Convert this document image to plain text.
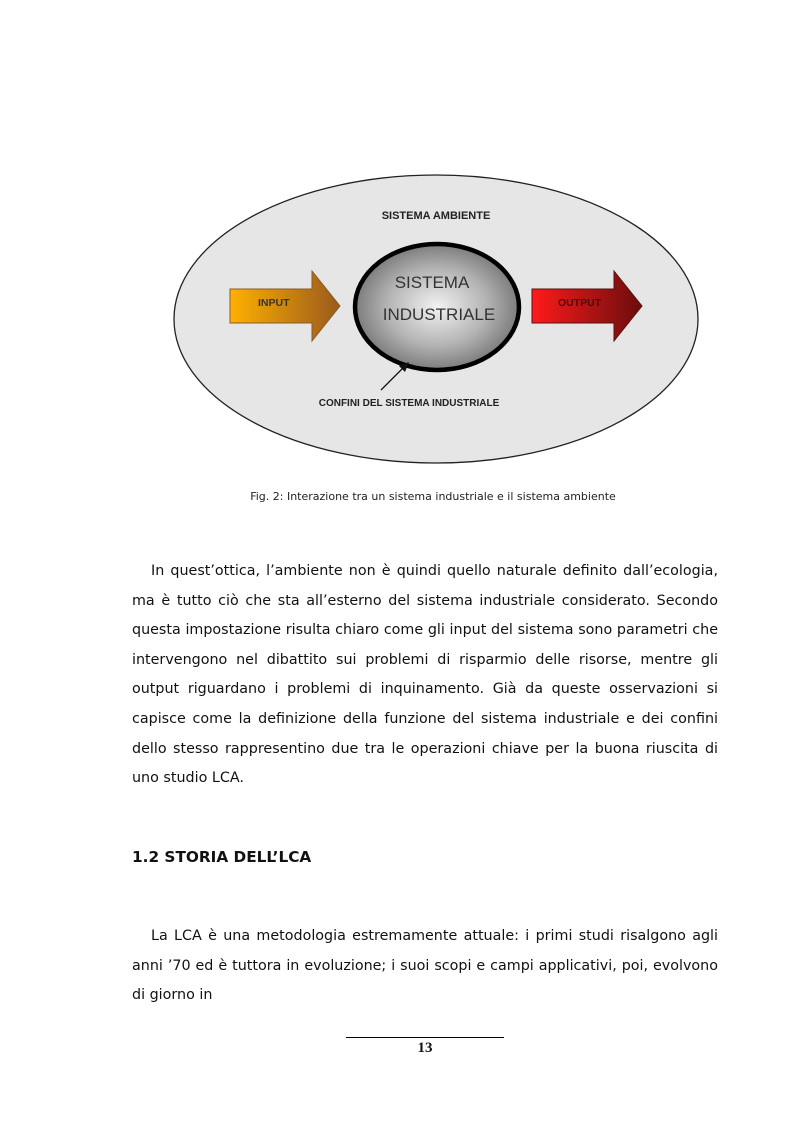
SISTEMA AMBIENTE
INPUT
SISTEMA
INDUSTRIALE
OUTPUT
CONFINI DEL SISTEMA INDUSTRIALE
Fig. 2: Interazione tra un sistema industriale e il sistema ambiente

In quest’ottica, l’ambiente non è quindi quello naturale definito dall’ecologia, ma è tutto ciò che sta all’esterno del sistema industriale considerato. Secondo questa impostazione risulta chiaro come gli input del sistema sono parametri che intervengono nel dibattito sui problemi di risparmio delle risorse, mentre gli output riguardano i problemi di inquinamento. Già da queste osservazioni si capisce come la definizione della funzione del sistema industriale e dei confini dello stesso rappresentino due tra le operazioni chiave per la buona riuscita di uno studio LCA.

1.2 STORIA DELL’LCA

La LCA è una metodologia estremamente attuale: i primi studi risalgono agli anni ’70 ed è tuttora in evoluzione; i suoi scopi e campi applicativi, poi, evolvono di giorno in

13
